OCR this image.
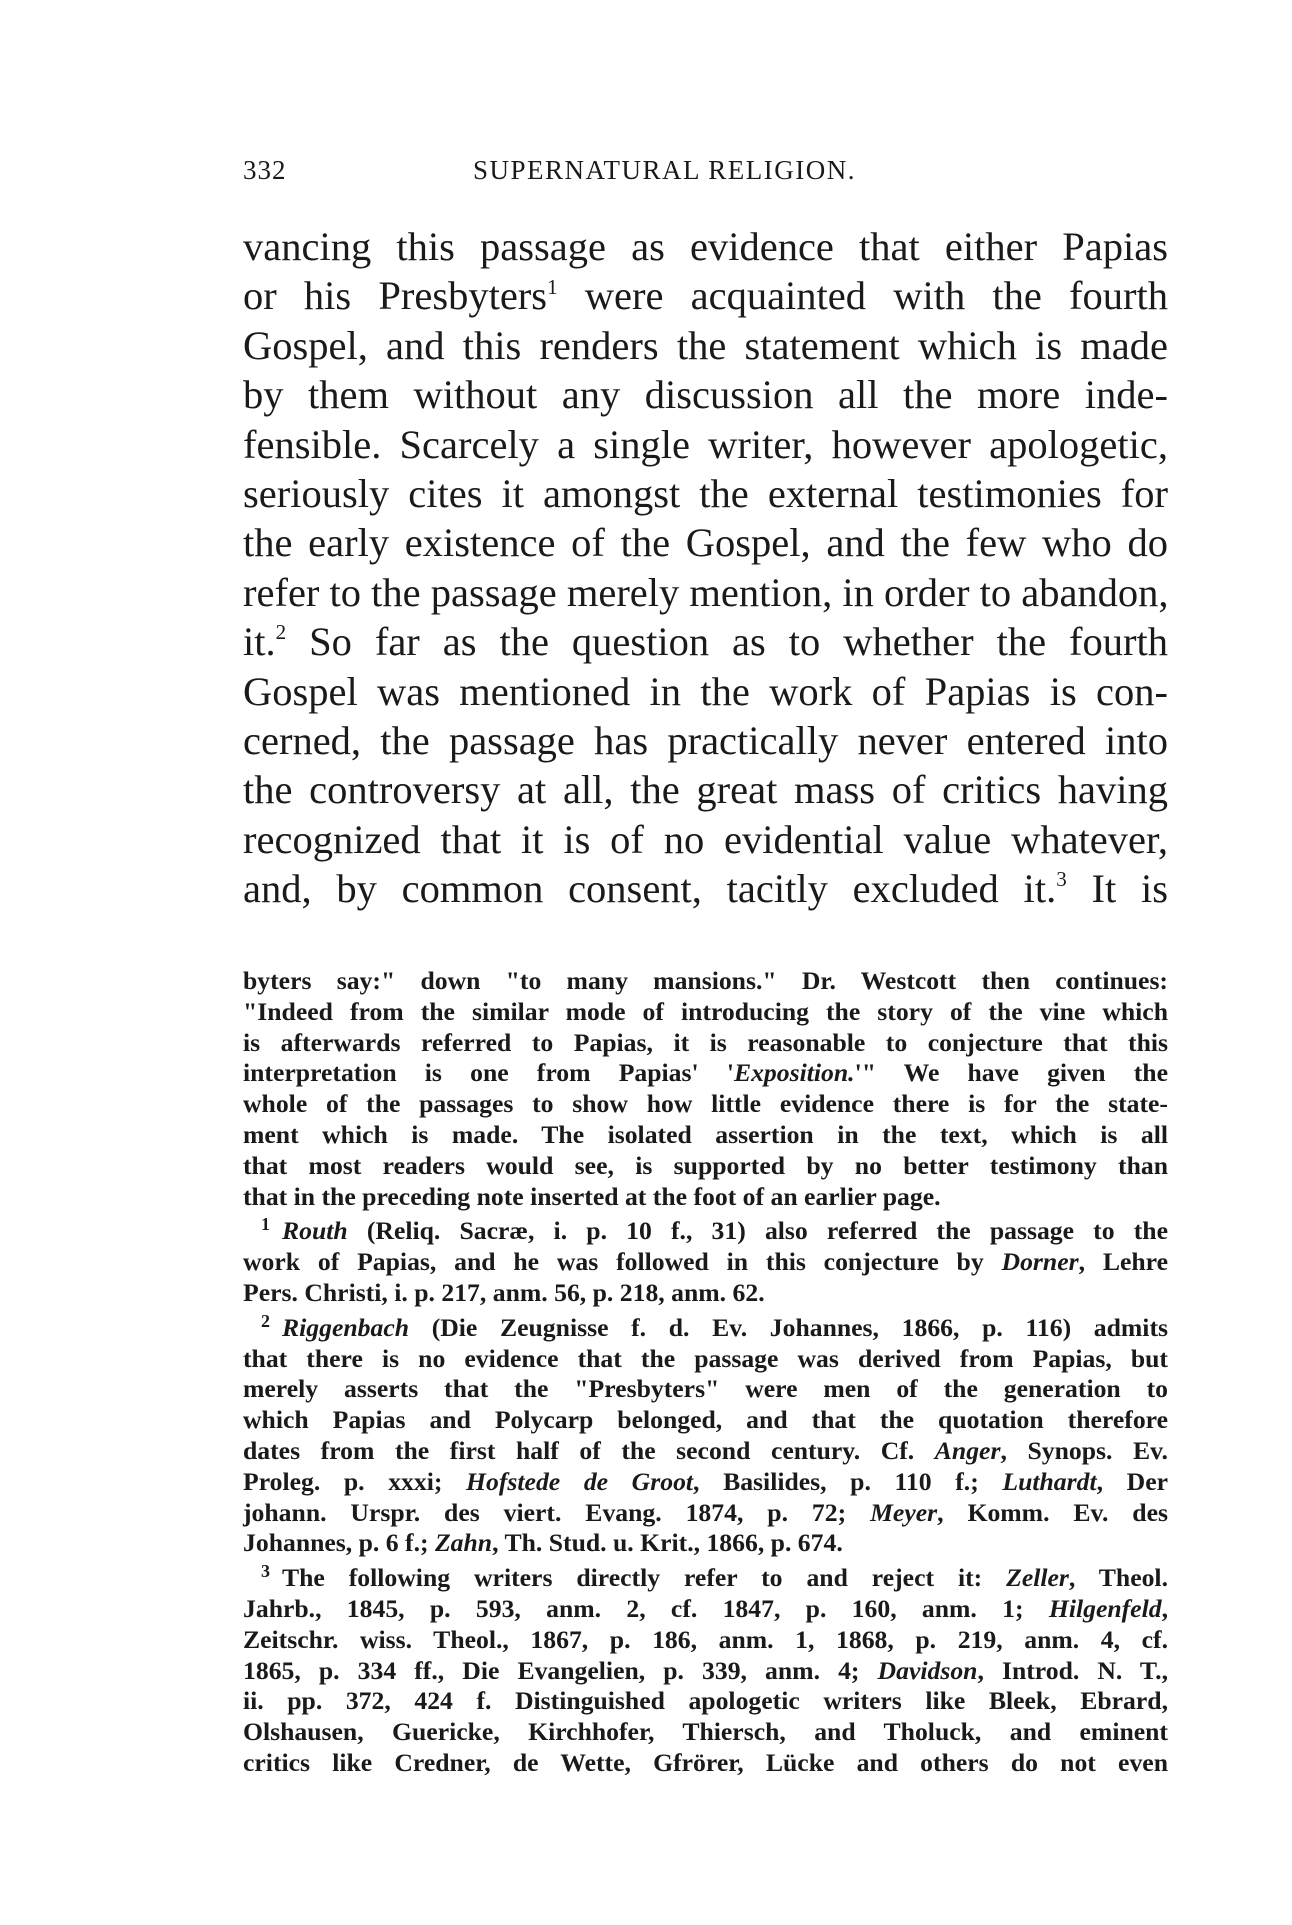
332	SUPERNATURAL RELIGION.
vancing this passage as evidence that either Papias
or his Presbyters$^1$ were acquainted with the fourth
Gospel, and this renders the statement which is made
by them without any discussion all the more inde-
fensible. Scarcely a single writer, however apologetic,
seriously cites it amongst the external testimonies for
the early existence of the Gospel, and the few who do
refer to the passage merely mention, in order to abandon,
it.$^2$ So far as the question as to whether the fourth
Gospel was mentioned in the work of Papias is con-
cerned, the passage has practically never entered into
the controversy at all, the great mass of critics having
recognized that it is of no evidential value whatever,
and, by common consent, tacitly excluded it.$^3$ It is
byters say:" down "to many mansions." Dr. Westcott then continues:
"Indeed from the similar mode of introducing the story of the vine which
is afterwards referred to Papias, it is reasonable to conjecture that this
interpretation is one from Papias' 'Exposition.'" We have given the
whole of the passages to show how little evidence there is for the state-
ment which is made. The isolated assertion in the text, which is all
that most readers would see, is supported by no better testimony than
that in the preceding note inserted at the foot of an earlier page.
$^1$ Routh (Reliq. Sacræ, i. p. 10 f., 31) also referred the passage to the
work of Papias, and he was followed in this conjecture by Dorner, Lehre
Pers. Christi, i. p. 217, anm. 56, p. 218, anm. 62.
$^2$ Riggenbach (Die Zeugnisse f. d. Ev. Johannes, 1866, p. 116) admits
that there is no evidence that the passage was derived from Papias, but
merely asserts that the "Presbyters" were men of the generation to
which Papias and Polycarp belonged, and that the quotation therefore
dates from the first half of the second century. Cf. Anger, Synops. Ev.
Proleg. p. xxxi; Hofstede de Groot, Basilides, p. 110 f.; Luthardt, Der
johann. Urspr. des viert. Evang. 1874, p. 72; Meyer, Komm. Ev. des
Johannes, p. 6 f.; Zahn, Th. Stud. u. Krit., 1866, p. 674.
$^3$ The following writers directly refer to and reject it: Zeller, Theol.
Jahrb., 1845, p. 593, anm. 2, cf. 1847, p. 160, anm. 1; Hilgenfeld,
Zeitschr. wiss. Theol., 1867, p. 186, anm. 1, 1868, p. 219, anm. 4, cf.
1865, p. 334 ff., Die Evangelien, p. 339, anm. 4; Davidson, Introd. N. T.,
ii. pp. 372, 424 f. Distinguished apologetic writers like Bleek, Ebrard,
Olshausen, Guericke, Kirchhofer, Thiersch, and Tholuck, and eminent
critics like Credner, de Wette, Gfrörer, Lücke and others do not even
